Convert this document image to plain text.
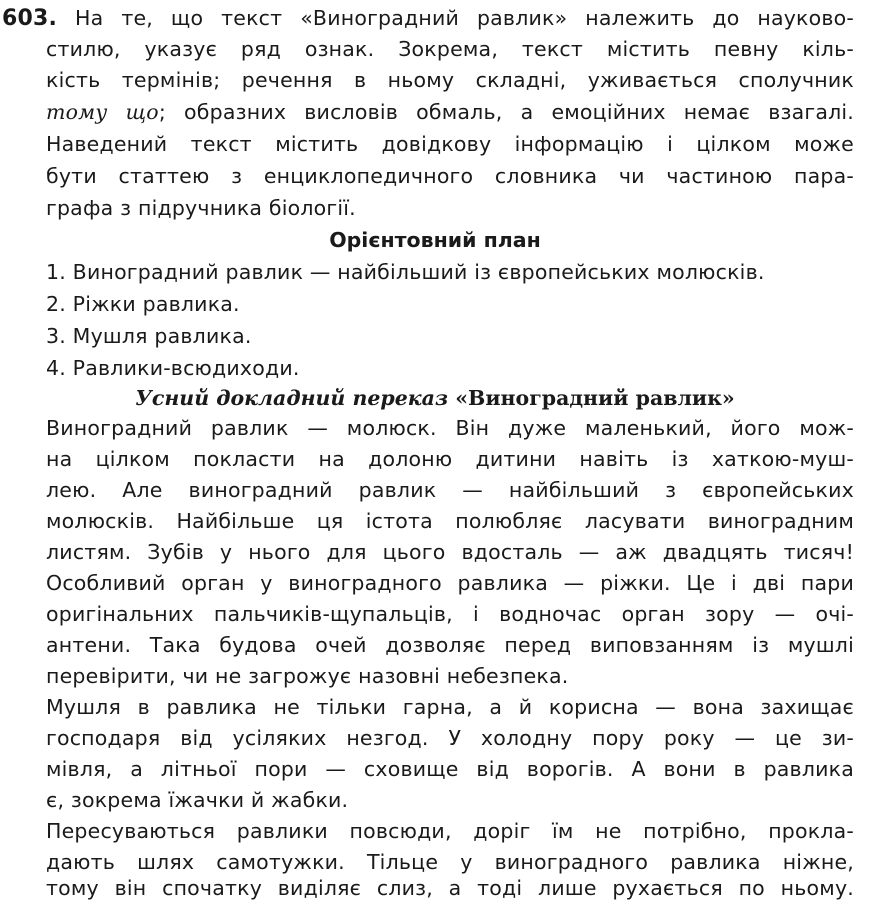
603. На те, що текст «Виноградний равлик» належить до науково-
стилю, указує ряд ознак. Зокрема, текст містить певну кіль-
кість термінів; речення в ньому складні, уживається сполучник
тому що; образних висловів обмаль, а емоційних немає взагалі.
Наведений текст містить довідкову інформацію і цілком може
бути статтею з енциклопедичного словника чи частиною пара-
графа з підручника біології.
Орієнтовний план
1. Виноградний равлик — найбільший із європейських молюсків.
2. Ріжки равлика.
3. Мушля равлика.
4. Равлики-всюдиходи.
Усний докладний переказ «Виноградний равлик»
Виноградний равлик — молюск. Він дуже маленький, його мож-
на цілком покласти на долоню дитини навіть із хаткою-муш-
лею. Але виноградний равлик — найбільший з європейських
молюсків. Найбільше ця істота полюбляє ласувати виноградним
листям. Зубів у нього для цього вдосталь — аж двадцять тисяч!
Особливий орган у виноградного равлика — ріжки. Це і дві пари
оригінальних пальчиків-щупальців, і водночас орган зору — очі-
антени. Така будова очей дозволяє перед виповзанням із мушлі
перевірити, чи не загрожує назовні небезпека.
Мушля в равлика не тільки гарна, а й корисна — вона захищає
господаря від усіляких незгод. У холодну пору року — це зи-
мівля, а літньої пори — сховище від ворогів. А вони в равлика
є, зокрема їжачки й жабки.
Пересуваються равлики повсюди, доріг їм не потрібно, прокла-
дають шлях самотужки. Тільце у виноградного равлика ніжне,
тому він спочатку виділяє слиз, а тоді лише рухається по ньому.
